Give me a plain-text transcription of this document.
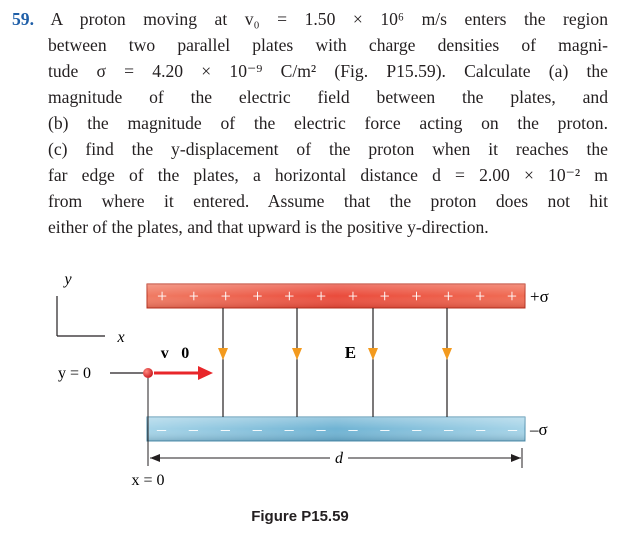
59. A proton moving at v₀ = 1.50 × 10⁶ m/s enters the region
between two parallel plates with charge densities of magni-
tude σ = 4.20 × 10⁻⁹ C/m² (Fig. P15.59). Calculate (a) the
magnitude of the electric field between the plates, and
(b) the magnitude of the electric force acting on the proton.
(c) find the y-displacement of the proton when it reaches the
far edge of the plates, a horizontal distance d = 2.00 × 10⁻² m
from where it entered. Assume that the proton does not hit
either of the plates, and that upward is the positive y-direction.
y
x
+ + + + + + + + + + + + +σ
– – – – – – – – – – – – –σ
E⃗
y = 0
v⃗0
d
x = 0
Figure P15.59
